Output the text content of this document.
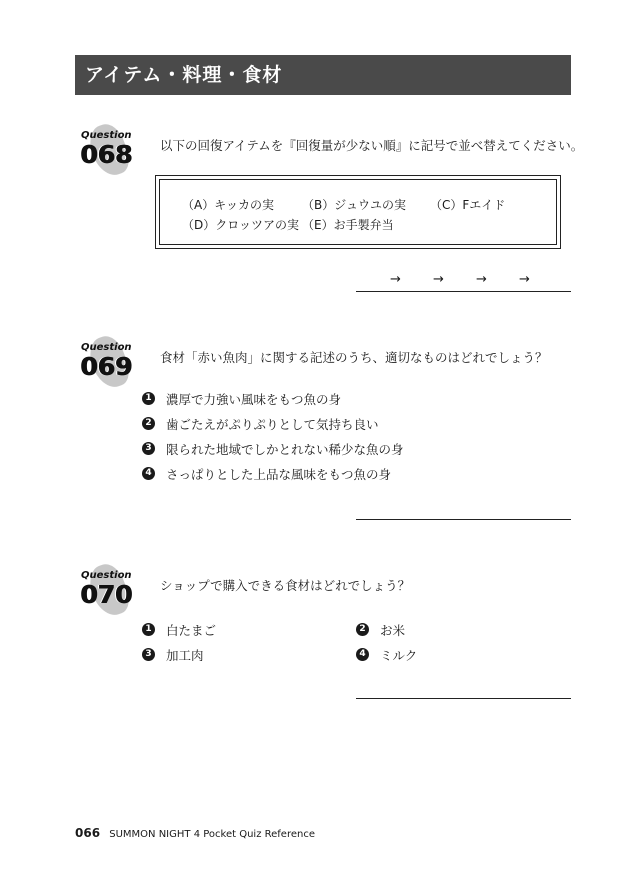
アイテム・料理・食材
Question
068 以下の回復アイテムを『回復量が少ない順』に記号で並べ替えてください。
（A）キッカの実 （B）ジュウユの実 （C）Fエイド
（D）クロッツアの実 （E）お手製弁当
→ → → →
Question
069 食材「赤い魚肉」に関する記述のうち、適切なものはどれでしょう？
1 濃厚で力強い風味をもつ魚の身
2 歯ごたえがぷりぷりとして気持ち良い
3 限られた地域でしかとれない稀少な魚の身
4 さっぱりとした上品な風味をもつ魚の身
Question
070 ショップで購入できる食材はどれでしょう？
1 白たまご	2 お米
3 加工肉	4 ミルク
066 SUMMON NIGHT 4 Pocket Quiz Reference
